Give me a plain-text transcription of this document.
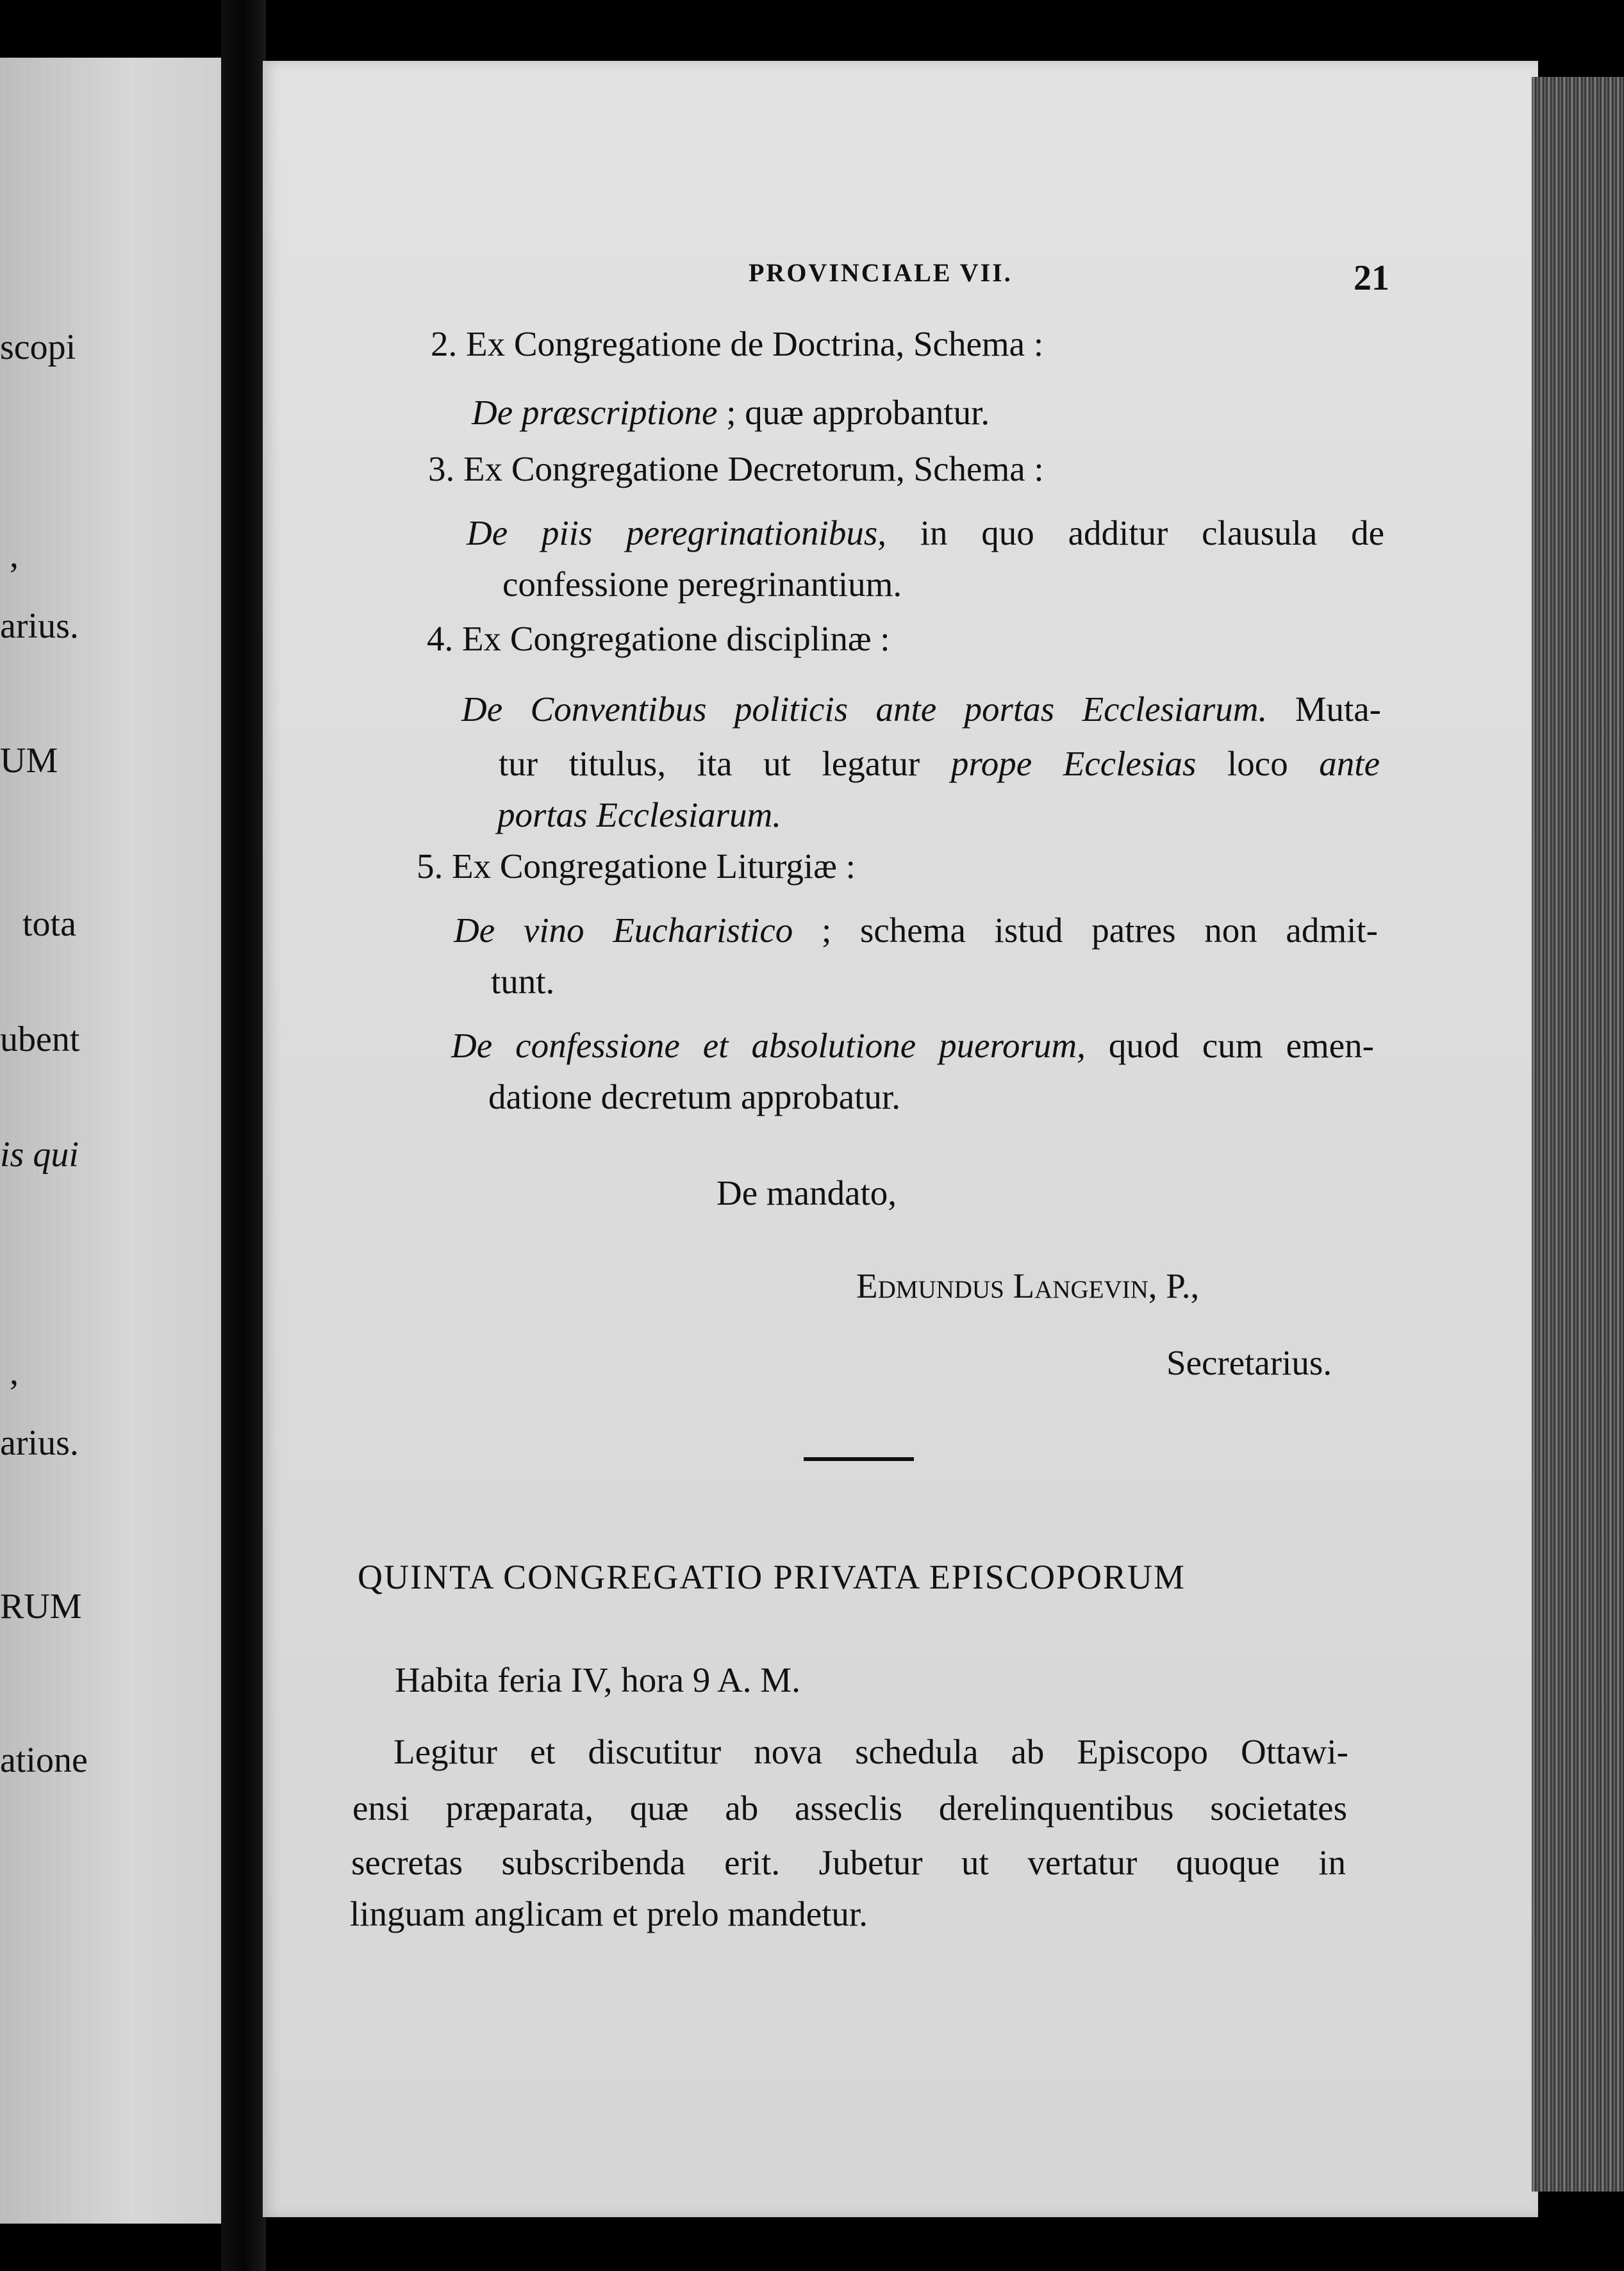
scopi
,
arius.
UM
tota
ubent
is qui
,
arius.
RUM
ationе
PROVINCIALE VII.	21
2. Ex Congregatione de Doctrina, Schema :
De præscriptione ; quæ approbantur.
3. Ex Congregatione Decretorum, Schema :
De piis peregrinationibus, in quo additur clausula de
confessione peregrinantium.
4. Ex Congregatione disciplinæ :
De Conventibus politicis ante portas Ecclesiarum. Muta-
tur titulus, ita ut legatur prope Ecclesias loco ante
portas Ecclesiarum.
5. Ex Congregatione Liturgiæ :
De vino Eucharistico ; schema istud patres non admit-
tunt.
De confessione et absolutione puerorum, quod cum emen-
datione decretum approbatur.
De mandato,
Edmundus Langevin, P.,
Secretarius.
QUINTA CONGREGATIO PRIVATA EPISCOPORUM
Habita feria IV, hora 9 A. M.
Legitur et discutitur nova schedula ab Episcopo Ottawi-
ensi præparata, quæ ab asseclis derelinquentibus societates
secretas subscribenda erit. Jubetur ut vertatur quoque in
linguam anglicam et prelo mandetur.
